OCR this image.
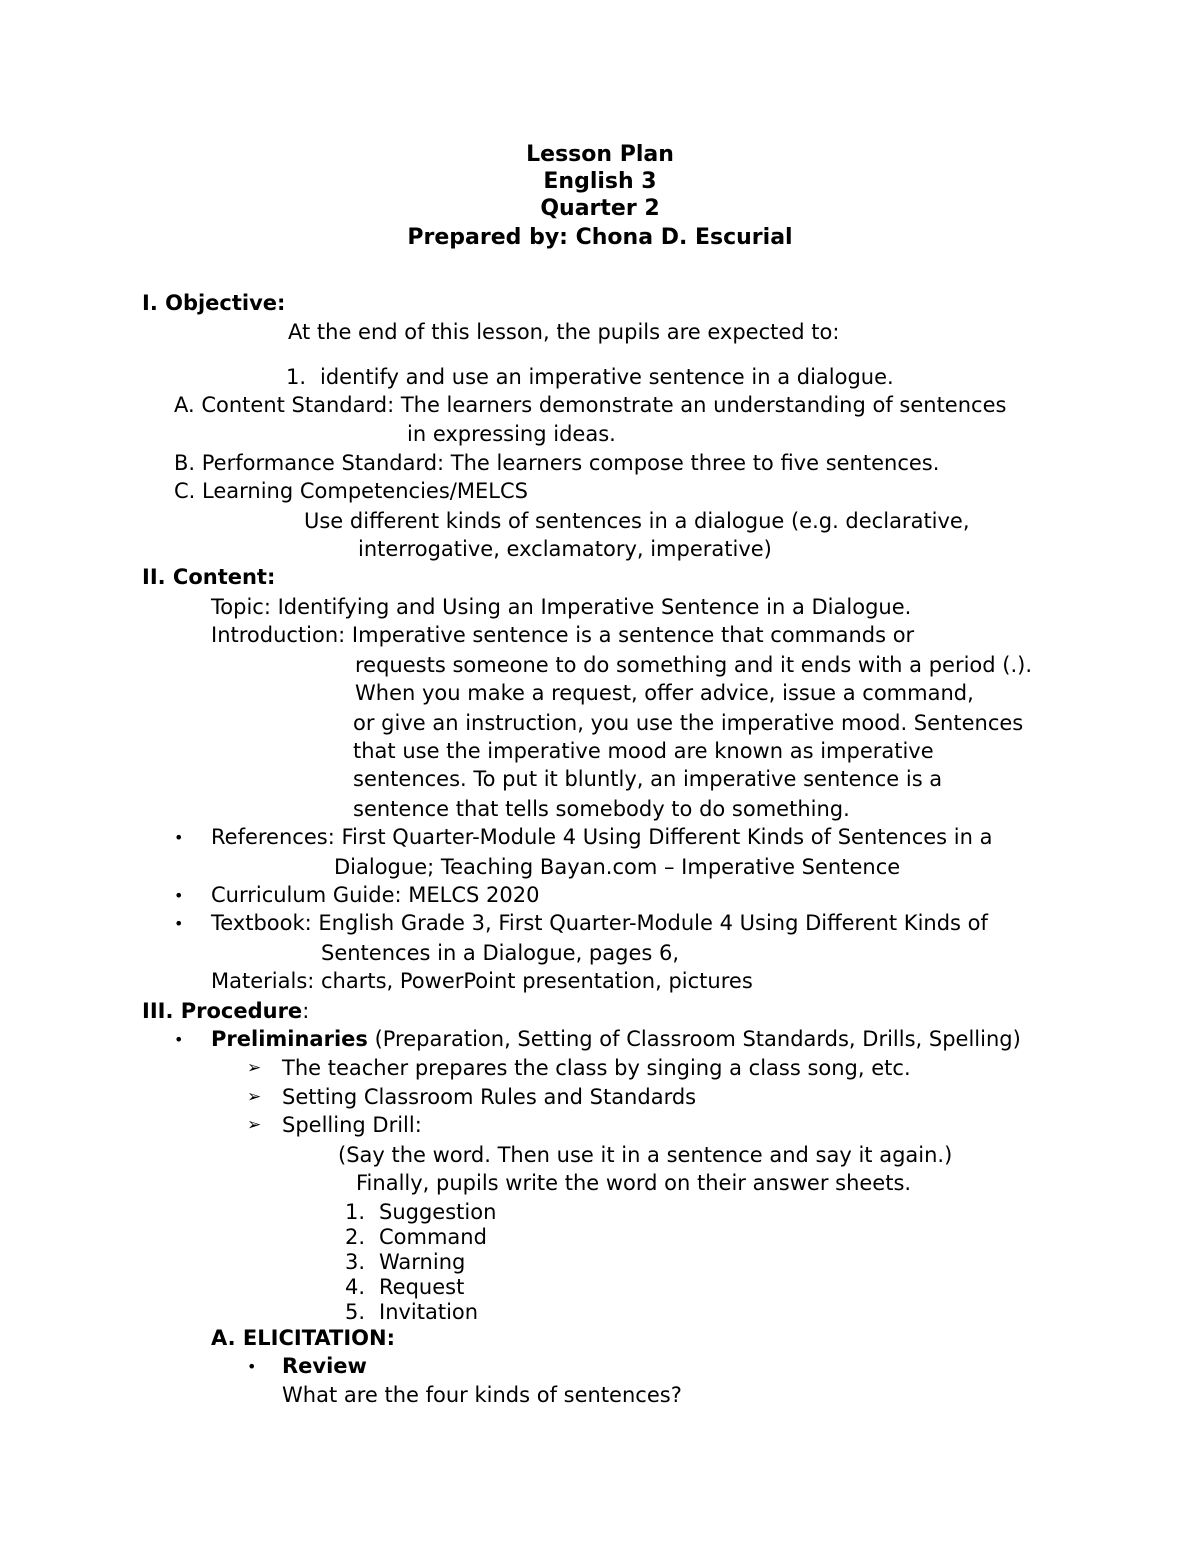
Lesson Plan
English 3
Quarter 2
Prepared by: Chona D. Escurial
I. Objective:
At the end of this lesson, the pupils are expected to:
1. identify and use an imperative sentence in a dialogue.
A. Content Standard: The learners demonstrate an understanding of sentences
in expressing ideas.
B. Performance Standard: The learners compose three to five sentences.
C. Learning Competencies/MELCS
Use different kinds of sentences in a dialogue (e.g. declarative,
interrogative, exclamatory, imperative)
II. Content:
Topic: Identifying and Using an Imperative Sentence in a Dialogue.
Introduction: Imperative sentence is a sentence that commands or
requests someone to do something and it ends with a period (.).
When you make a request, offer advice, issue a command,
or give an instruction, you use the imperative mood. Sentences
that use the imperative mood are known as imperative
sentences. To put it bluntly, an imperative sentence is a
sentence that tells somebody to do something.
• References: First Quarter-Module 4 Using Different Kinds of Sentences in a
Dialogue; Teaching Bayan.com – Imperative Sentence
• Curriculum Guide: MELCS 2020
• Textbook: English Grade 3, First Quarter-Module 4 Using Different Kinds of
Sentences in a Dialogue, pages 6,
Materials: charts, PowerPoint presentation, pictures
III. Procedure:
• Preliminaries (Preparation, Setting of Classroom Standards, Drills, Spelling)
➢ The teacher prepares the class by singing a class song, etc.
➢ Setting Classroom Rules and Standards
➢ Spelling Drill:
(Say the word. Then use it in a sentence and say it again.)
Finally, pupils write the word on their answer sheets.
1. Suggestion
2. Command
3. Warning
4. Request
5. Invitation
A. ELICITATION:
• Review
What are the four kinds of sentences?
